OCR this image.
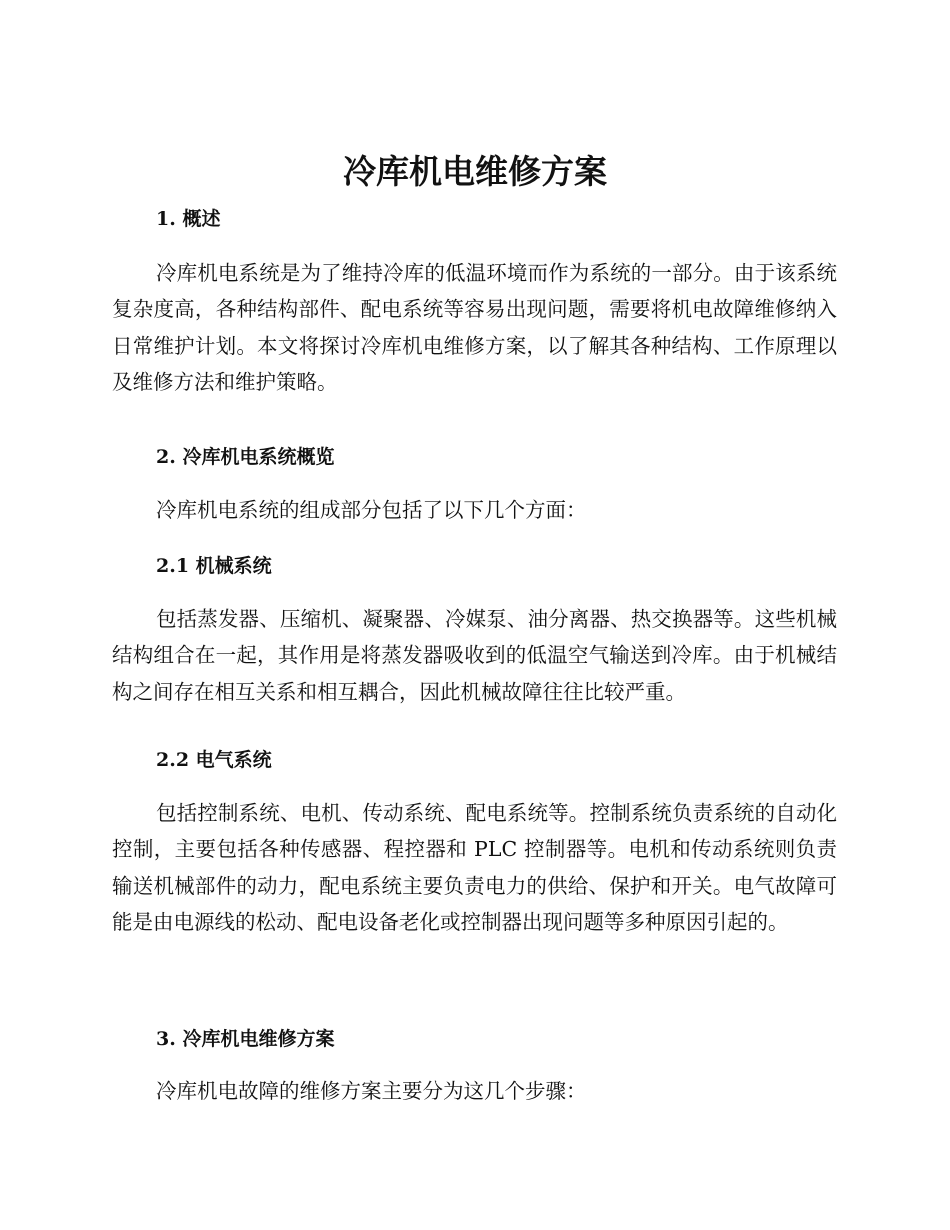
冷库机电维修方案
1. 概述

冷库机电系统是为了维持冷库的低温环境而作为系统的一部分。由于该系统复杂度高，各种结构部件、配电系统等容易出现问题，需要将机电故障维修纳入日常维护计划。本文将探讨冷库机电维修方案，以了解其各种结构、工作原理以及维修方法和维护策略。

2. 冷库机电系统概览

冷库机电系统的组成部分包括了以下几个方面：

2.1 机械系统

包括蒸发器、压缩机、凝聚器、冷媒泵、油分离器、热交换器等。这些机械结构组合在一起，其作用是将蒸发器吸收到的低温空气输送到冷库。由于机械结构之间存在相互关系和相互耦合，因此机械故障往往比较严重。

2.2 电气系统

包括控制系统、电机、传动系统、配电系统等。控制系统负责系统的自动化控制，主要包括各种传感器、程控器和 PLC 控制器等。电机和传动系统则负责输送机械部件的动力，配电系统主要负责电力的供给、保护和开关。电气故障可能是由电源线的松动、配电设备老化或控制器出现问题等多种原因引起的。

3. 冷库机电维修方案

冷库机电故障的维修方案主要分为这几个步骤：
